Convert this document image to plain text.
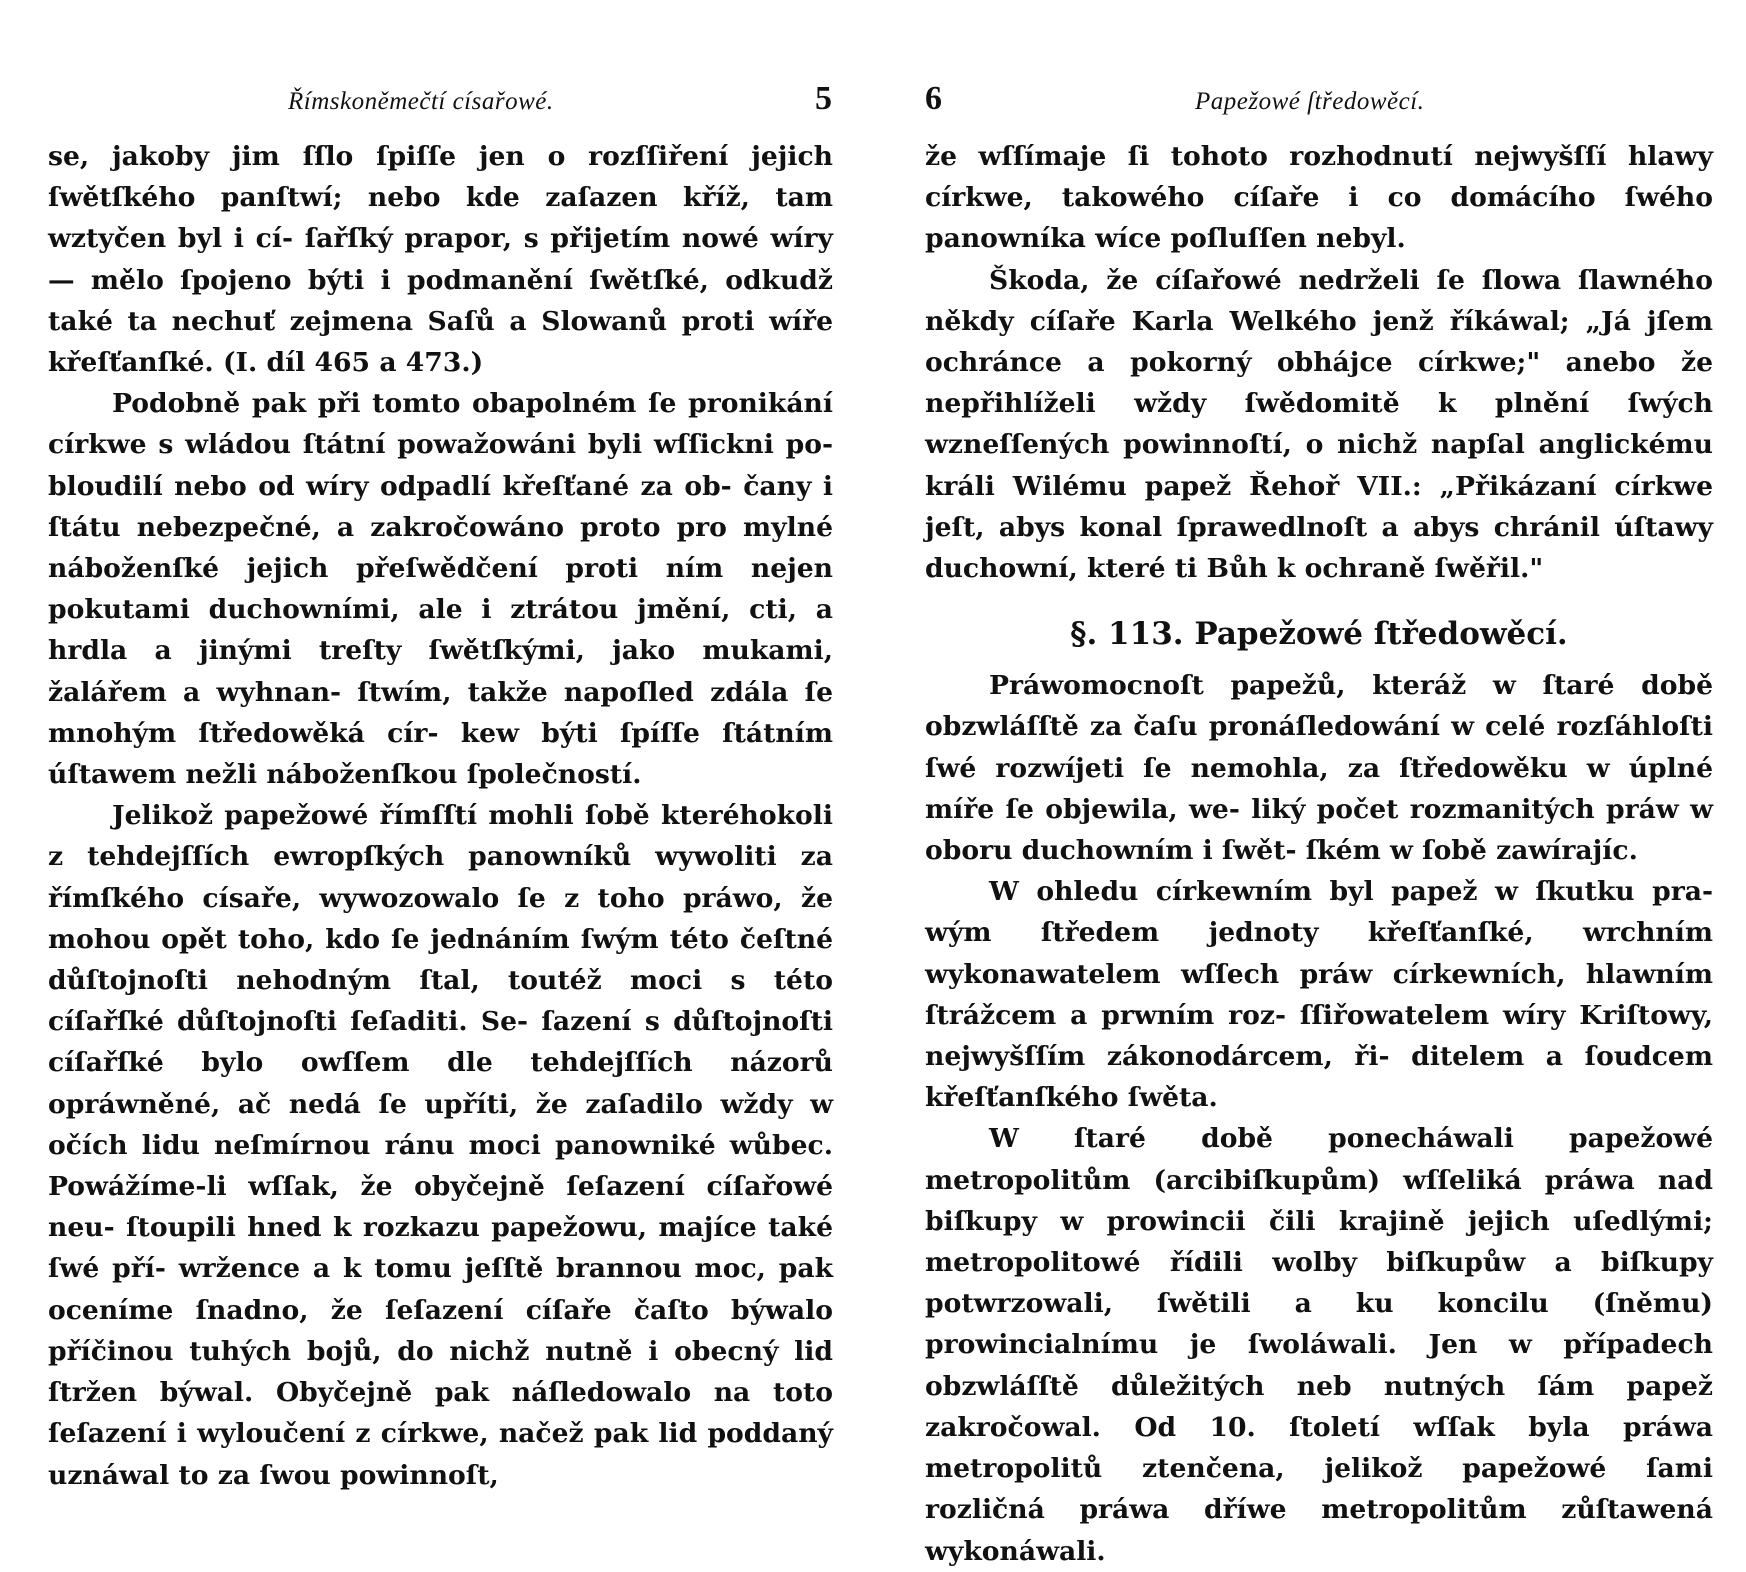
Římskoněmečtí císařowé.	5

se, jakoby jim ſſlo ſpiſſe jen o rozſſiření jejich ſwětſkého panſtwí; nebo kde zaſazen kříž, tam wztyčen byl i cí- ſařſký prapor, s přijetím nowé wíry — mělo ſpojeno býti i podmanění ſwětſké, odkudž také ta nechuť zejmena Saſů a Slowanů proti wíře křeſťanſké. (I. díl 465 a 473.)

Podobně pak při tomto obapolném ſe pronikání církwe s wládou ſtátní powažowáni byli wſſickni po- bloudilí nebo od wíry odpadlí křeſťané za ob- čany i ſtátu nebezpečné, a zakročowáno proto pro mylné náboženſké jejich přeſwědčení proti ním nejen pokutami duchowními, ale i ztrátou jmění, cti, a hrdla a jinými treſty ſwětſkými, jako mukami, žalářem a wyhnan- ſtwím, takže napoſled zdála ſe mnohým ſtředowěká cír- kew býti ſpíſſe ſtátním úſtawem nežli náboženſkou ſpolečností.

Jelikož papežowé římſſtí mohli ſobě kteréhokoli z tehdejſſích ewropſkých panowníků wywoliti za římſkého císaře, wywozowalo ſe z toho práwo, že mohou opět toho, kdo ſe jednáním ſwým této čeſtné důſtojnoſti nehodným ſtal, toutéž moci s této cíſařſké důſtojnoſti ſeſaditi. Se- ſazení s důſtojnoſti cíſařſké bylo owſſem dle tehdejſſích názorů opráwněné, ač nedá ſe upříti, že zaſadilo wždy w očích lidu neſmírnou ránu moci panowniké wůbec. Powážíme-li wſſak, že obyčejně ſeſazení cíſařowé neu- ſtoupili hned k rozkazu papežowu, majíce také ſwé pří- wržence a k tomu jeſſtě brannou moc, pak oceníme ſnadno, že ſeſazení cíſaře čaſto býwalo příčinou tuhých bojů, do nichž nutně i obecný lid ſtržen býwal. Obyčejně pak náſledowalo na toto ſeſazení i wyloučení z církwe, načež pak lid poddaný uznáwal to za ſwou powinnoſt,

6	Papežowé ſtředowěcí.

že wſſímaje ſi tohoto rozhodnutí nejwyšſſí hlawy církwe, takowého cíſaře i co domácího ſwého panowníka wíce poſluſſen nebyl.

Škoda, že cíſařowé nedrželi ſe ſlowa ſlawného někdy cíſaře Karla Welkého jenž říkáwal; „Já jſem ochránce a pokorný obhájce církwe;" anebo že nepřihlíželi wždy ſwědomitě k plnění ſwých wzneſſených powinnoſtí, o nichž napſal anglickému králi Wilému papež Řehoř VII.: „Přikázaní církwe jeſt, abys konal ſprawedlnoſt a abys chránil úſtawy duchowní, které ti Bůh k ochraně ſwěřil."

§. 113. Papežowé ſtředowěcí.

Práwomocnoſt papežů, kteráž w ſtaré době obzwláſſtě za čaſu pronáſledowání w celé rozſáhloſti ſwé rozwíjeti ſe nemohla, za ſtředowěku w úplné míře ſe objewila, we- liký počet rozmanitých práw w oboru duchowním i ſwět- ſkém w ſobě zawírajíc.

W ohledu církewním byl papež w ſkutku pra- wým ſtředem jednoty křeſťanſké, wrchním wykonawatelem wſſech práw církewních, hlawním ſtrážcem a prwním roz- ſſiřowatelem wíry Kriſtowy, nejwyšſſím zákonodárcem, ři- ditelem a ſoudcem křeſťanſkého ſwěta.

W ſtaré době ponecháwali papežowé metropolitům (arcibiſkupům) wſſeliká práwa nad biſkupy w prowincii čili krajině jejich uſedlými; metropolitowé řídili wolby biſkupůw a biſkupy potwrzowali, ſwětili a ku koncilu (ſněmu) prowincialnímu je ſwoláwali. Jen w případech obzwláſſtě důležitých neb nutných ſám papež zakročowal. Od 10. ſtoletí wſſak byla práwa metropolitů ztenčena, jelikož papežowé ſami rozličná práwa dříwe metropolitům zůſtawená wykonáwali.
